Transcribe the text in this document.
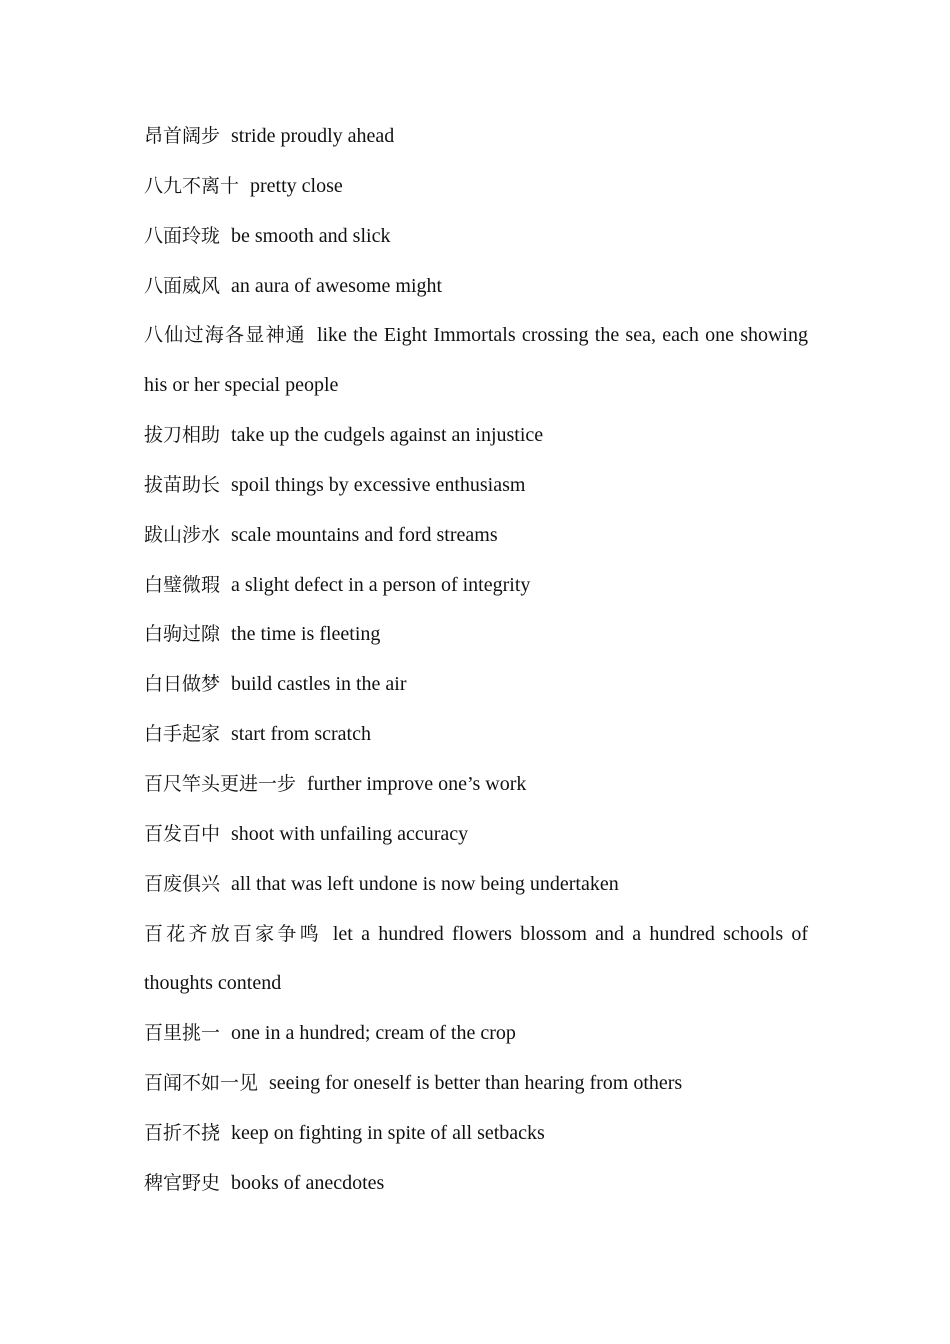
昂首阔步 stride proudly ahead
八九不离十 pretty close
八面玲珑 be smooth and slick
八面威风 an aura of awesome might
八仙过海各显神通 like the Eight Immortals crossing the sea, each one showing his or her special people
拔刀相助 take up the cudgels against an injustice
拔苗助长 spoil things by excessive enthusiasm
跋山涉水 scale mountains and ford streams
白璧微瑕 a slight defect in a person of integrity
白驹过隙 the time is fleeting
白日做梦 build castles in the air
白手起家 start from scratch
百尺竿头更进一步 further improve one’s work
百发百中 shoot with unfailing accuracy
百废俱兴 all that was left undone is now being undertaken
百花齐放百家争鸣 let a hundred flowers blossom and a hundred schools of thoughts contend
百里挑一 one in a hundred; cream of the crop
百闻不如一见 seeing for oneself is better than hearing from others
百折不挠 keep on fighting in spite of all setbacks
稗官野史 books of anecdotes
